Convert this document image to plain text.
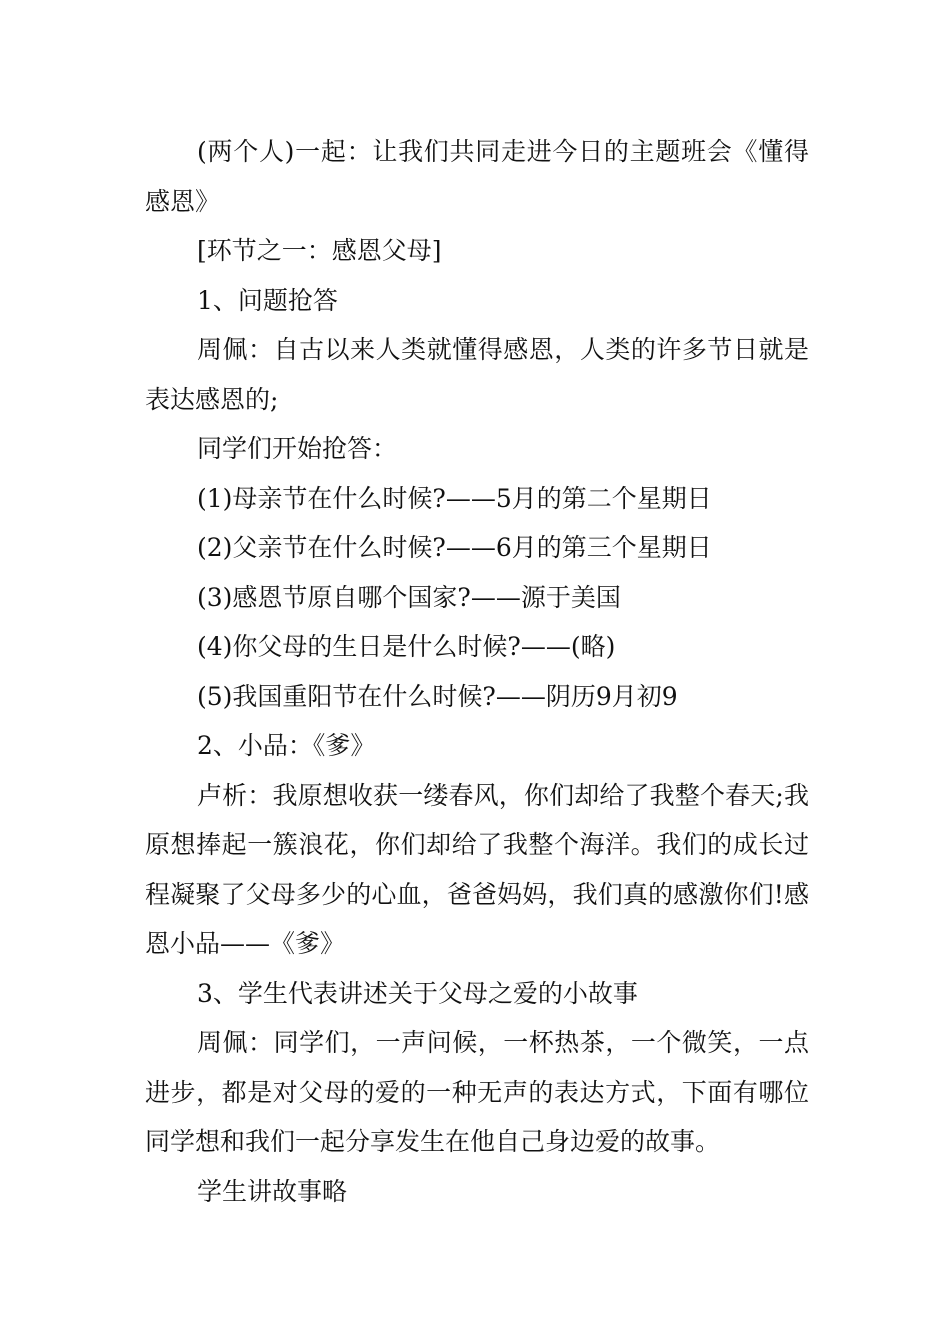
(两个人)一起：让我们共同走进今日的主题班会《懂得感恩》

[环节之一：感恩父母]

1、问题抢答

周佩：自古以来人类就懂得感恩，人类的许多节日就是表达感恩的;

同学们开始抢答：

(1)母亲节在什么时候?——5月的第二个星期日

(2)父亲节在什么时候?——6月的第三个星期日

(3)感恩节原自哪个国家?——源于美国

(4)你父母的生日是什么时候?——(略)

(5)我国重阳节在什么时候?——阴历9月初9

2、小品：《爹》

卢析：我原想收获一缕春风，你们却给了我整个春天;我原想捧起一簇浪花，你们却给了我整个海洋。我们的成长过程凝聚了父母多少的心血，爸爸妈妈，我们真的感激你们!感恩小品——《爹》

3、学生代表讲述关于父母之爱的小故事

周佩：同学们，一声问候，一杯热茶，一个微笑，一点进步，都是对父母的爱的一种无声的表达方式，下面有哪位同学想和我们一起分享发生在他自己身边爱的故事。

学生讲故事略
